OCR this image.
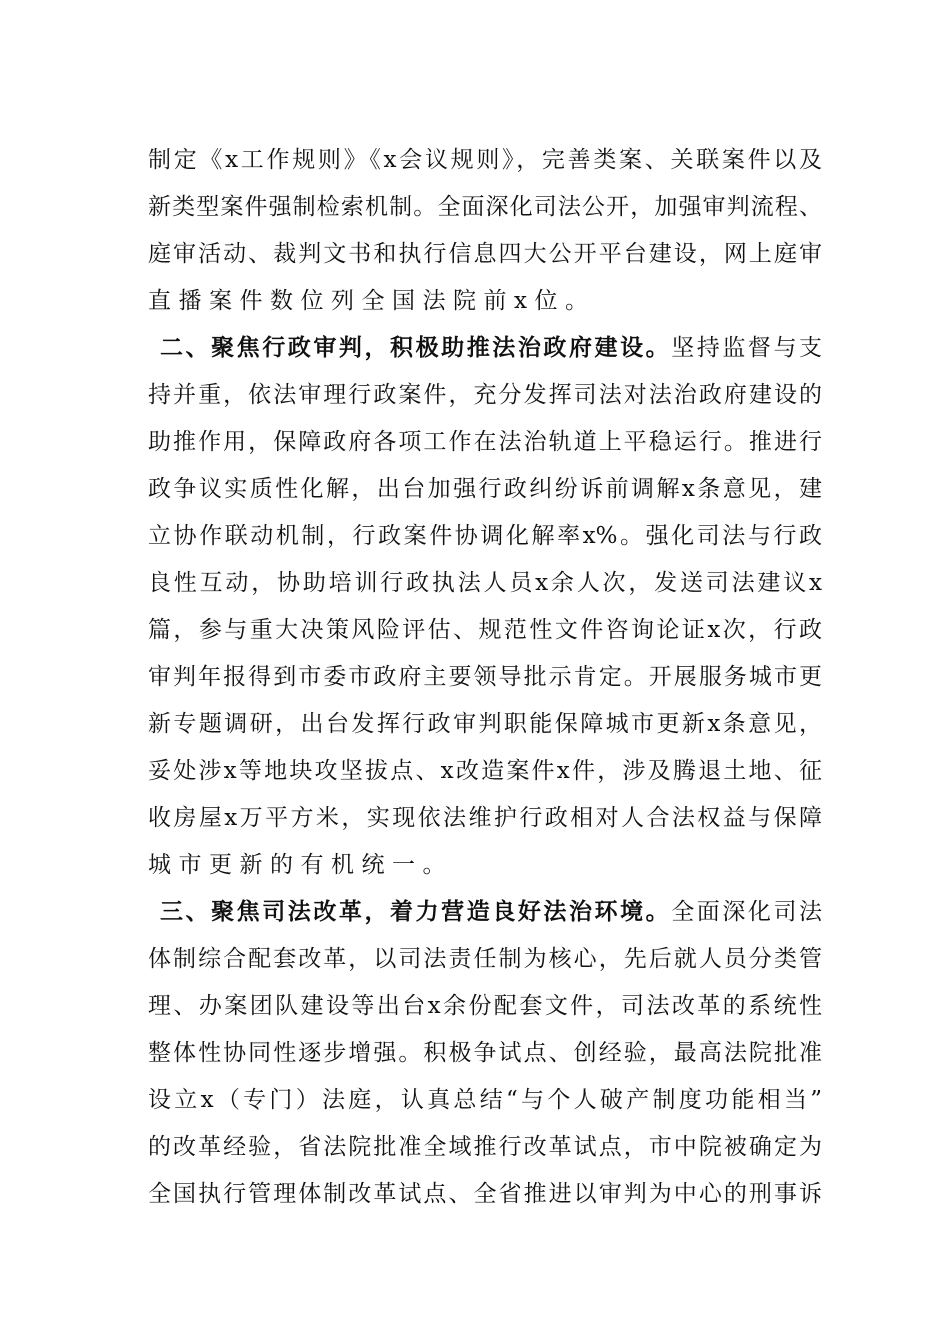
制定《x工作规则》《x会议规则》，完善类案、关联案件以及
新类型案件强制检索机制。全面深化司法公开，加强审判流程、
庭审活动、裁判文书和执行信息四大公开平台建设，网上庭审
直播案件数位列全国法院前x位。
二、聚焦行政审判，积极助推法治政府建设。坚持监督与支
持并重，依法审理行政案件，充分发挥司法对法治政府建设的
助推作用，保障政府各项工作在法治轨道上平稳运行。推进行
政争议实质性化解，出台加强行政纠纷诉前调解x条意见，建
立协作联动机制，行政案件协调化解率x%。强化司法与行政
良性互动，协助培训行政执法人员x余人次，发送司法建议x
篇，参与重大决策风险评估、规范性文件咨询论证x次，行政
审判年报得到市委市政府主要领导批示肯定。开展服务城市更
新专题调研，出台发挥行政审判职能保障城市更新x条意见，
妥处涉x等地块攻坚拔点、x改造案件x件，涉及腾退土地、征
收房屋x万平方米，实现依法维护行政相对人合法权益与保障
城市更新的有机统一。
三、聚焦司法改革，着力营造良好法治环境。全面深化司法
体制综合配套改革，以司法责任制为核心，先后就人员分类管
理、办案团队建设等出台x余份配套文件，司法改革的系统性
整体性协同性逐步增强。积极争试点、创经验，最高法院批准
设立x（专门）法庭，认真总结“与个人破产制度功能相当”
的改革经验，省法院批准全域推行改革试点，市中院被确定为
全国执行管理体制改革试点、全省推进以审判为中心的刑事诉
